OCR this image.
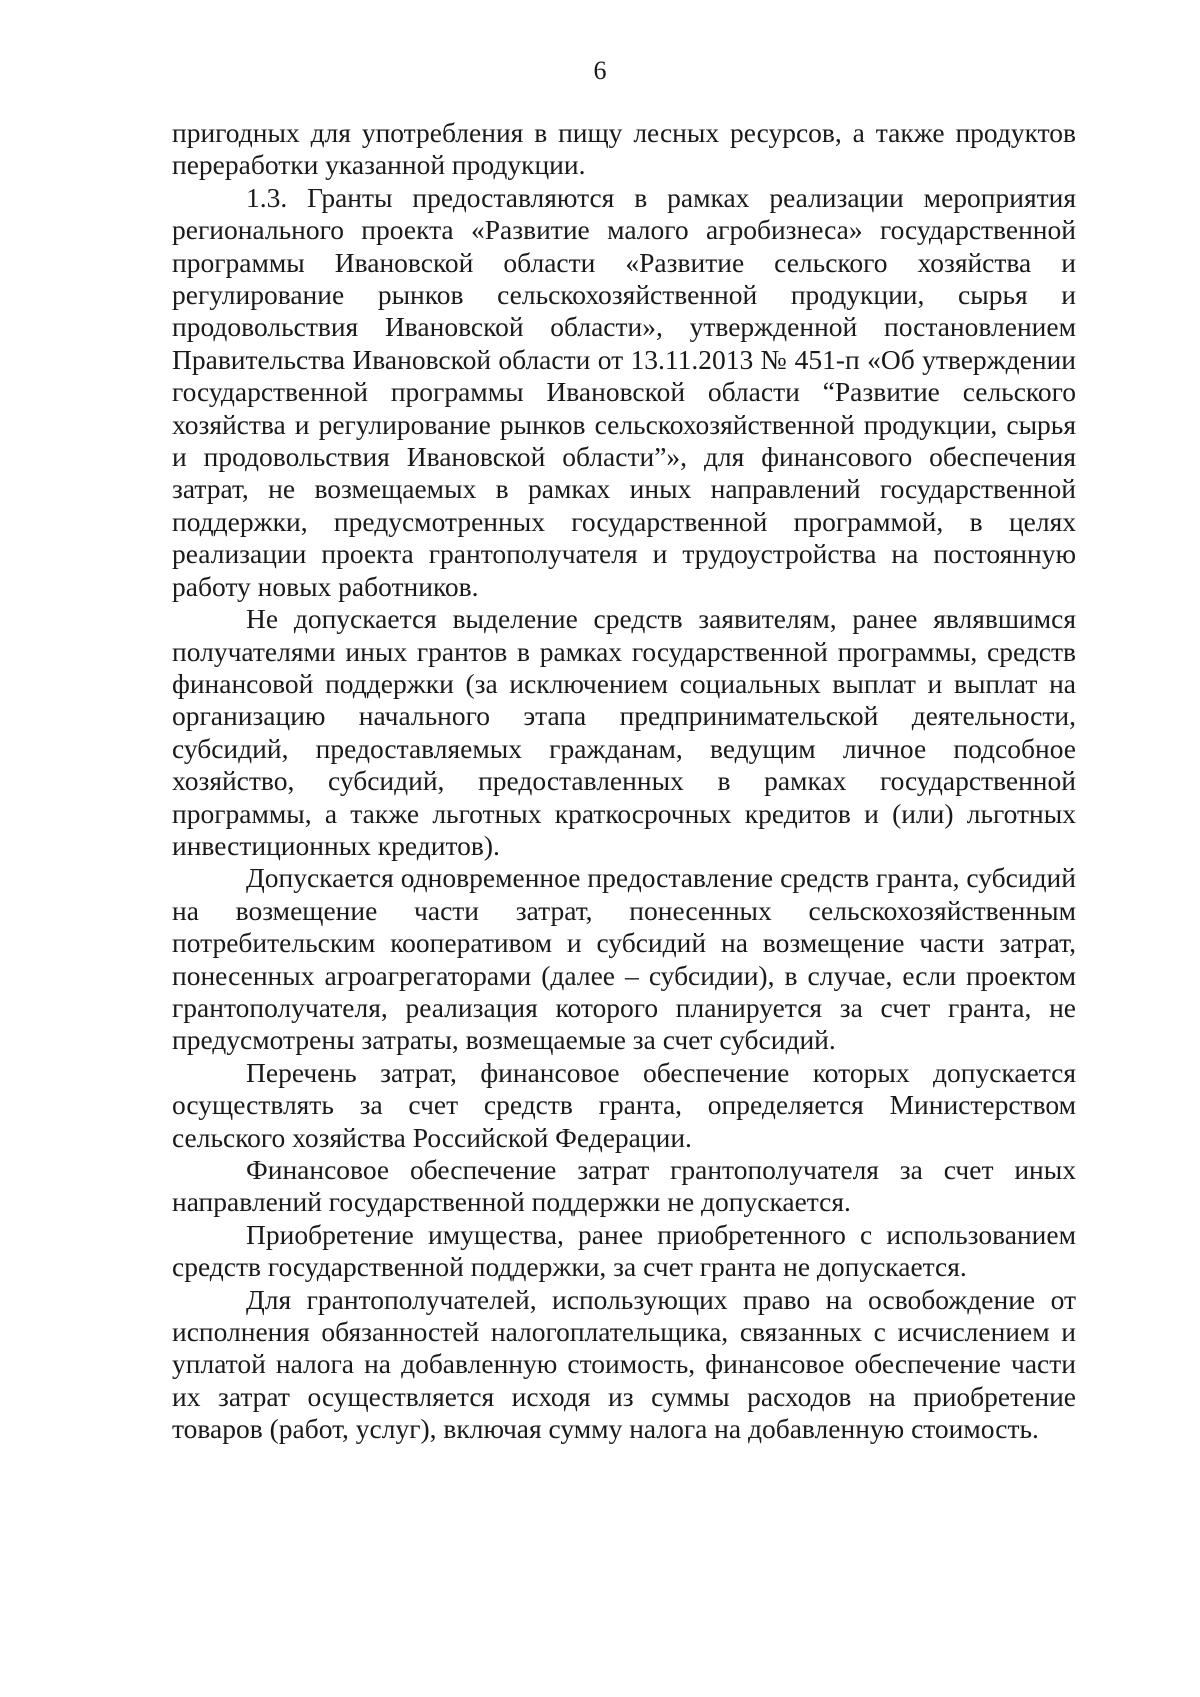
6

пригодных для употребления в пищу лесных ресурсов, а также продуктов переработки указанной продукции.

1.3. Гранты предоставляются в рамках реализации мероприятия регионального проекта «Развитие малого агробизнеса» государственной программы Ивановской области «Развитие сельского хозяйства и регулирование рынков сельскохозяйственной продукции, сырья и продовольствия Ивановской области», утвержденной постановлением Правительства Ивановской области от 13.11.2013 № 451-п «Об утверждении государственной программы Ивановской области “Развитие сельского хозяйства и регулирование рынков сельскохозяйственной продукции, сырья и продовольствия Ивановской области”», для финансового обеспечения затрат, не возмещаемых в рамках иных направлений государственной поддержки, предусмотренных государственной программой, в целях реализации проекта грантополучателя и трудоустройства на постоянную работу новых работников.

Не допускается выделение средств заявителям, ранее являвшимся получателями иных грантов в рамках государственной программы, средств финансовой поддержки (за исключением социальных выплат и выплат на организацию начального этапа предпринимательской деятельности, субсидий, предоставляемых гражданам, ведущим личное подсобное хозяйство, субсидий, предоставленных в рамках государственной программы, а также льготных краткосрочных кредитов и (или) льготных инвестиционных кредитов).

Допускается одновременное предоставление средств гранта, субсидий на возмещение части затрат, понесенных сельскохозяйственным потребительским кооперативом и субсидий на возмещение части затрат, понесенных агроагрегаторами (далее – субсидии), в случае, если проектом грантополучателя, реализация которого планируется за счет гранта, не предусмотрены затраты, возмещаемые за счет субсидий.

Перечень затрат, финансовое обеспечение которых допускается осуществлять за счет средств гранта, определяется Министерством сельского хозяйства Российской Федерации.

Финансовое обеспечение затрат грантополучателя за счет иных направлений государственной поддержки не допускается.

Приобретение имущества, ранее приобретенного с использованием средств государственной поддержки, за счет гранта не допускается.

Для грантополучателей, использующих право на освобождение от исполнения обязанностей налогоплательщика, связанных с исчислением и уплатой налога на добавленную стоимость, финансовое обеспечение части их затрат осуществляется исходя из суммы расходов на приобретение товаров (работ, услуг), включая сумму налога на добавленную стоимость.
